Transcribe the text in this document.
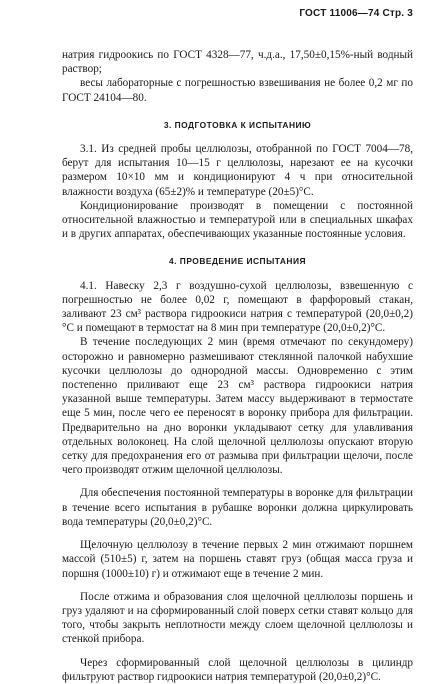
ГОСТ 11006—74 Стр. 3

натрия гидроокись по ГОСТ 4328—77, ч.д.а., 17,50±0,15%-ный водный раствор;

весы лабораторные с погрешностью взвешивания не более 0,2 мг по ГОСТ 24104—80.

3. ПОДГОТОВКА К ИСПЫТАНИЮ

3.1. Из средней пробы целлюлозы, отобранной по ГОСТ 7004—78, берут для испытания 10—15 г целлюлозы, нарезают ее на кусочки размером 10×10 мм и кондиционируют 4 ч при относительной влажности воздуха (65±2)% и температуре (20±5)°С.

Кондиционирование производят в помещении с постоянной относительной влажностью и температурой или в специальных шкафах и в других аппаратах, обеспечивающих указанные постоянные условия.

4. ПРОВЕДЕНИЕ ИСПЫТАНИЯ

4.1. Навеску 2,3 г воздушно-сухой целлюлозы, взвешенную с погрешностью не более 0,02 г, помещают в фарфоровый стакан, заливают 23 см³ раствора гидроокиси натрия с температурой (20,0±0,2)°С и помещают в термостат на 8 мин при температуре (20,0±0,2)°С.

В течение последующих 2 мин (время отмечают по секундомеру) осторожно и равномерно размешивают стеклянной палочкой набухшие кусочки целлюлозы до однородной массы. Одновременно с этим постепенно приливают еще 23 см³ раствора гидроокиси натрия указанной выше температуры. Затем массу выдерживают в термостате еще 5 мин, после чего ее переносят в воронку прибора для фильтрации. Предварительно на дно воронки укладывают сетку для улавливания отдельных волоконец. На слой щелочной целлюлозы опускают вторую сетку для предохранения его от размыва при фильтрации щелочи, после чего производят отжим щелочной целлюлозы.

Для обеспечения постоянной температуры в воронке для фильтрации в течение всего испытания в рубашке воронки должна циркулировать вода температуры (20,0±0,2)°С.

Щелочную целлюлозу в течение первых 2 мин отжимают поршнем массой (510±5) г, затем на поршень ставят груз (общая масса груза и поршня (1000±10) г) и отжимают еще в течение 2 мин.

После отжима и образования слоя щелочной целлюлозы поршень и груз удаляют и на сформированный слой поверх сетки ставят кольцо для того, чтобы закрыть неплотности между слоем щелочной целлюлозы и стенкой прибора.

Через сформированный слой щелочной целлюлозы в цилиндр фильтруют раствор гидроокиси натрия температурой (20,0±0,2)°С.
